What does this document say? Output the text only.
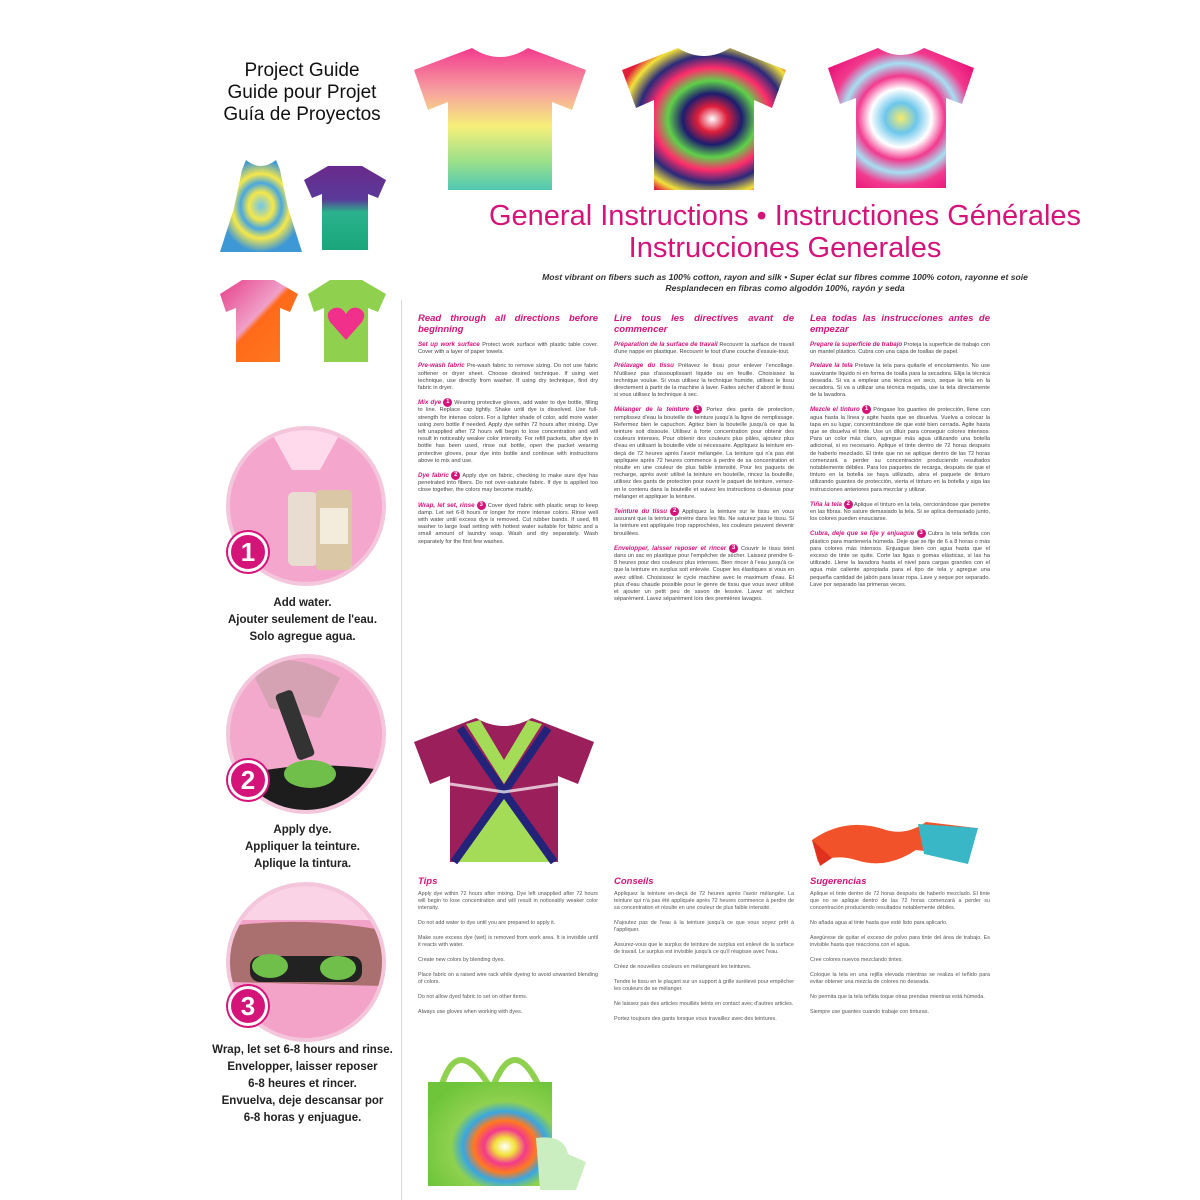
Project Guide
Guide pour Projet
Guía de Proyectos
1
Add water.
Ajouter seulement de l'eau.
Solo agregue agua.
2
Apply dye.
Appliquer la teinture.
Aplique la tintura.
3
Wrap, let set 6-8 hours and rinse.
Envelopper, laisser reposer
6-8 heures et rincer.
Envuelva, deje descansar por
6-8 horas y enjuague.
General Instructions • Instructiones Générales
Instrucciones Generales
Most vibrant on fibers such as 100% cotton, rayon and silk • Super éclat sur fibres comme 100% coton, rayonne et soie
Resplandecen en fibras como algodón 100%, rayón y seda
Read through all directions before beginning

Set up work surface Protect work surface with plastic table cover. Cover with a layer of paper towels.

Pre-wash fabric Pre-wash fabric to remove sizing. Do not use fabric softener or dryer sheet. Choose desired technique. If using wet technique, use directly from washer. If using dry technique, first dry fabric in dryer.

Mix dye 1 Wearing protective gloves, add water to dye bottle, filling to line. Replace cap tightly. Shake until dye is dissolved. Use full-strength for intense colors. For a lighter shade of color, add more water using zero bottle if needed. Apply dye within 72 hours after mixing. Dye left unapplied after 72 hours will begin to lose concentration and will result in noticeably weaker color intensity. For refill packets, after dye in bottle has been used, rinse out bottle, open the packet wearing protective gloves, pour dye into bottle and continue with instructions above to mix and use.

Dye fabric 2 Apply dye on fabric, checking to make sure dye has penetrated into fibers. Do not over-saturate fabric. If dye is applied too close together, the colors may become muddy.

Wrap, let set, rinse 3 Cover dyed fabric with plastic wrap to keep damp. Let set 6-8 hours or longer for more intense colors. Rinse well with water until excess dye is removed. Cut rubber bands. If used, fill washer to large load setting with hottest water suitable for fabric and a small amount of laundry soap. Wash and dry separately. Wash separately for the first few washes.

Lire tous les directives avant de commencer

Préparation de la surface de travail Recouvrir la surface de travail d'une nappe en plastique. Recouvrir le tout d'une couche d'essuie-tout.

Prélavage du tissu Prélavez le tissu pour enlever l'encollage. N'utilisez pas d'assouplissant liquide ou en feuille. Choisissez la technique voulue. Si vous utilisez la technique humide, utilisez le tissu directement à partir de la machine à laver. Faites sécher d'abord le tissu si vous utilisez la technique à sec.

Mélanger de la teinture 1 Portez des gants de protection, remplissez d'eau la bouteille de teinture jusqu'à la ligne de remplissage. Refermez bien le capuchon. Agitez bien la bouteille jusqu'à ce que la teinture soit dissoute. Utilisez à forte concentration pour obtenir des couleurs intenses. Pour obtenir des couleurs plus pâles, ajoutez plus d'eau en utilisant la bouteille vide si nécessaire. Appliquez la teinture en-deçà de 72 heures après l'avoir mélangée. La teinture qui n'a pas été appliquée après 72 heures commence à perdre de sa concentration et résulte en une couleur de plus faible intensité. Pour les paquets de recharge, après avoir utilisé la teinture en bouteille, rincez la bouteille, utilisez des gants de protection pour ouvrir le paquet de teinture, versez-en le contenu dans la bouteille et suivez les instructions ci-dessus pour mélanger et appliquer la teinture.

Teinture du tissu 2 Appliquez la teinture sur le tissu en vous assurant que la teinture pénètre dans les fils. Ne saturez pas le tissu. Si la teinture est appliquée trop rapprochées, les couleurs peuvent devenir brouillées.

Envelopper, laisser reposer et rincer 3 Couvrir le tissu teint dans un sac en plastique pour l'empêcher de sécher. Laissez prendre 6-8 heures pour des couleurs plus intenses. Bien rincer à l'eau jusqu'à ce que la teinture en surplus soit enlevée. Couper les élastiques si vous en avez utilisé. Choisissez le cycle machine avec le maximum d'eau. Et plus d'eau chaude possible pour le genre de tissu que vous avez utilisé et ajouter un petit peu de savon de lessive. Lavez et séchez séparément. Lavez séparément lors des premières lavages.

Lea todas las instrucciones antes de empezar

Prepare la superficie de trabajo Proteja la superficie de trabajo con un mantel plástico. Cubra con una capa de toallas de papel.

Prelave la tela Prelave la tela para quitarle el encolamiento. No use suavizante líquido ni en forma de toalla para la secadora. Elija la técnica deseada. Si va a emplear una técnica en seco, seque la tela en la secadora. Si va a utilizar una técnica mojada, use la tela directamente de la lavadora.

Mezcle el tinturo 1 Póngase los guantes de protección, llene con agua hasta la línea y agite hasta que se disuelva. Vuelva a colocar la tapa en su lugar, concentrándose de que esté bien cerrada. Agite hasta que se disuelva el tinte. Use un diluir para conseguir colores intensos. Para un color más claro, agregue más agua utilizando una botella adicional, si es necesario. Aplique el tinte dentro de 72 horas después de haberlo mezclado. El tinte que no se aplique dentro de las 72 horas comenzará a perder su concentración produciendo resultados notablemente débiles. Para los paquetes de recarga, después de que el tinturo en la botella se haya utilizado, abra el paquete de tinturo utilizando guantes de protección, vierta el tinturo en la botella y siga las instrucciones anteriores para mezclar y utilizar.

Tiña la tela 2 Aplique el tinturo en la tela, cerciorándose que penetre en las fibras. No sature demasiado la tela. Si se aplica demasiado junto, los colores pueden ensuciarse.

Cubra, deje que se fije y enjuague 3 Cubra la tela teñida con plástico para mantenerla húmeda. Deje que se fije de 6 a 8 horas o más para colores más intensos. Enjuague bien con agua hasta que el exceso de tinte se quite. Corte las ligas o gomas elásticas, si las ha utilizado. Llene la lavadora hasta el nivel para cargas grandes con el agua más caliente apropiada para el tipo de tela y agregue una pequeña cantidad de jabón para lavar ropa. Lave y seque por separado. Lave por separado las primeras veces.

Tips
Apply dye within 72 hours after mixing. Dye left unapplied after 72 hours will begin to lose concentration and will result in noticeably weaker color intensity.
Do not add water to dye until you are prepared to apply it.
Make sure excess dye (wet) is removed from work area. It is invisible until it reacts with water.
Create new colors by blending dyes.
Place fabric on a raised wire rack while dyeing to avoid unwanted blending of colors.
Do not allow dyed fabric to set on other items.
Always use gloves when working with dyes.
Conseils
Appliquez la teinture en-deçà de 72 heures après l'avoir mélangée. La teinture qui n'a pas été appliquée après 72 heures commence à perdre de sa concentration et résulte en une couleur de plus faible intensité.
N'ajoutez pas de l'eau à la teinture jusqu'à ce que vous soyez prêt à l'appliquer.
Assurez-vous que le surplus de teinture de surplus est enlevé de la surface de travail. Le surplus est invisible jusqu'à ce qu'il réagisse avec l'eau.
Créez de nouvelles couleurs en mélangeant les teintures.
Tendre le tissu en le plaçant sur un support à grille surélevé pour empêcher les couleurs de se mélanger.
Ne laissez pas des articles mouillés teints en contact avec d'autres articles.
Portez toujours des gants lorsque vous travaillez avec des teintures.
Sugerencias
Aplique el tinte dentro de 72 horas después de haberlo mezclado. El tinte que no se aplique dentro de las 72 horas comenzará a perder su concentración produciendo resultados notablemente débiles.
No añada agua al tinte hasta que esté listo para aplicarlo.
Asegúrese de quitar el exceso de polvo para tinte del área de trabajo. Es invisible hasta que reacciona con el agua.
Cree colores nuevos mezclando tintes.
Coloque la tela en una rejilla elevada mientras se realiza el teñido para evitar obtener una mezcla de colores no deseada.
No permita que la tela teñida toque otras prendas mientras está húmeda.
Siempre use guantes cuando trabaje con tinturas.
